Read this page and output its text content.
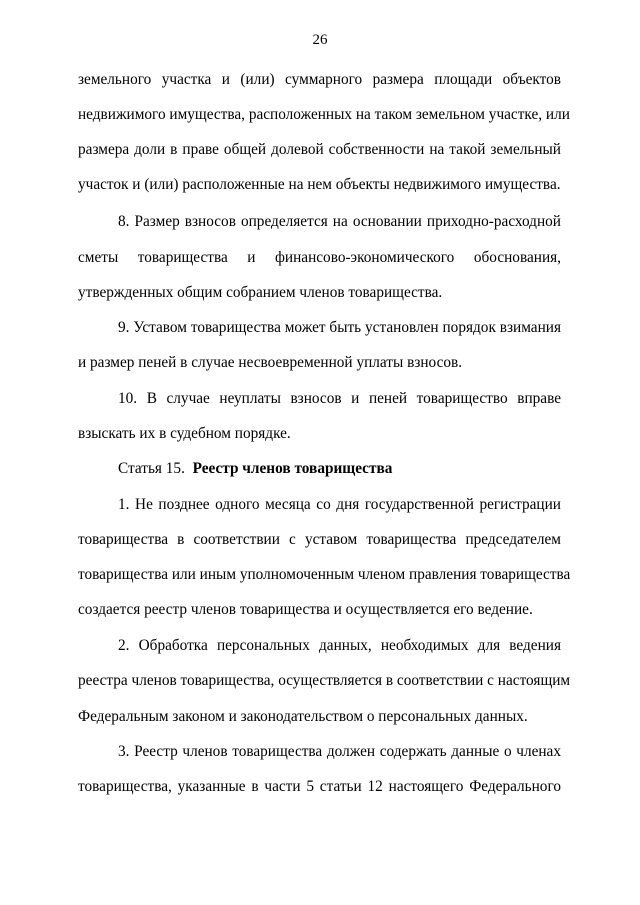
26
земельного участка и (или) суммарного размера площади объектов
недвижимого имущества, расположенных на таком земельном участке, или
размера доли в праве общей долевой собственности на такой земельный
участок и (или) расположенные на нем объекты недвижимого имущества.
8. Размер взносов определяется на основании приходно-расходной
сметы товарищества и финансово-экономического обоснования,
утвержденных общим собранием членов товарищества.
9. Уставом товарищества может быть установлен порядок взимания
и размер пеней в случае несвоевременной уплаты взносов.
10. В случае неуплаты взносов и пеней товарищество вправе
взыскать их в судебном порядке.
Статья 15. Реестр членов товарищества
1. Не позднее одного месяца со дня государственной регистрации
товарищества в соответствии с уставом товарищества председателем
товарищества или иным уполномоченным членом правления товарищества
создается реестр членов товарищества и осуществляется его ведение.
2. Обработка персональных данных, необходимых для ведения
реестра членов товарищества, осуществляется в соответствии с настоящим
Федеральным законом и законодательством о персональных данных.
3. Реестр членов товарищества должен содержать данные о членах
товарищества, указанные в части 5 статьи 12 настоящего Федерального
